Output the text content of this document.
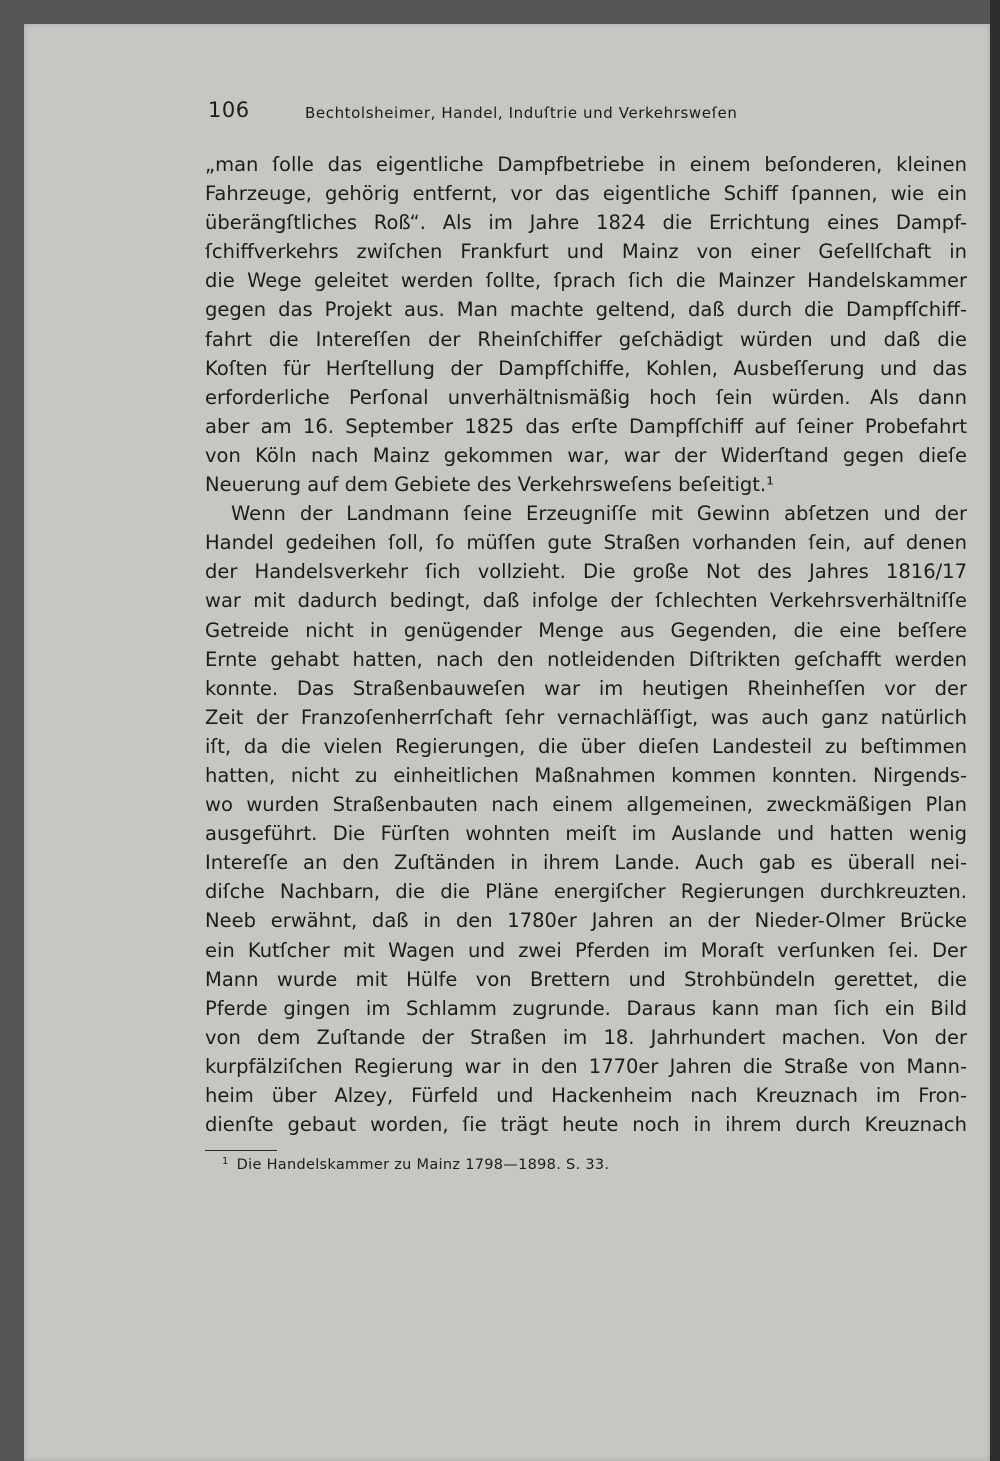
106	Bechtolsheimer, Handel, Induſtrie und Verkehrsweſen
„man ſolle das eigentliche Dampfbetriebe in einem beſonderen, kleinen
Fahrzeuge, gehörig entfernt, vor das eigentliche Schiff ſpannen, wie ein
überängſtliches Roß“. Als im Jahre 1824 die Errichtung eines Dampf-
ſchiffverkehrs zwiſchen Frankfurt und Mainz von einer Geſellſchaft in
die Wege geleitet werden ſollte, ſprach ſich die Mainzer Handelskammer
gegen das Projekt aus. Man machte geltend, daß durch die Dampfſchiff-
fahrt die Intereſſen der Rheinſchiffer geſchädigt würden und daß die
Koſten für Herſtellung der Dampfſchiffe, Kohlen, Ausbeſſerung und das
erforderliche Perſonal unverhältnismäßig hoch ſein würden. Als dann
aber am 16. September 1825 das erſte Dampfſchiff auf ſeiner Probefahrt
von Köln nach Mainz gekommen war, war der Widerſtand gegen dieſe
Neuerung auf dem Gebiete des Verkehrsweſens beſeitigt.¹
Wenn der Landmann ſeine Erzeugniſſe mit Gewinn abſetzen und der
Handel gedeihen ſoll, ſo müſſen gute Straßen vorhanden ſein, auf denen
der Handelsverkehr ſich vollzieht. Die große Not des Jahres 1816/17
war mit dadurch bedingt, daß infolge der ſchlechten Verkehrsverhältniſſe
Getreide nicht in genügender Menge aus Gegenden, die eine beſſere
Ernte gehabt hatten, nach den notleidenden Diſtrikten geſchafft werden
konnte. Das Straßenbauweſen war im heutigen Rheinheſſen vor der
Zeit der Franzoſenherrſchaft ſehr vernachläſſigt, was auch ganz natürlich
iſt, da die vielen Regierungen, die über dieſen Landesteil zu beſtimmen
hatten, nicht zu einheitlichen Maßnahmen kommen konnten. Nirgends-
wo wurden Straßenbauten nach einem allgemeinen, zweckmäßigen Plan
ausgeführt. Die Fürſten wohnten meiſt im Auslande und hatten wenig
Intereſſe an den Zuſtänden in ihrem Lande. Auch gab es überall nei-
diſche Nachbarn, die die Pläne energiſcher Regierungen durchkreuzten.
Neeb erwähnt, daß in den 1780er Jahren an der Nieder-Olmer Brücke
ein Kutſcher mit Wagen und zwei Pferden im Moraſt verſunken ſei. Der
Mann wurde mit Hülfe von Brettern und Strohbündeln gerettet, die
Pferde gingen im Schlamm zugrunde. Daraus kann man ſich ein Bild
von dem Zuſtande der Straßen im 18. Jahrhundert machen. Von der
kurpfälziſchen Regierung war in den 1770er Jahren die Straße von Mann-
heim über Alzey, Fürfeld und Hackenheim nach Kreuznach im Fron-
dienſte gebaut worden, ſie trägt heute noch in ihrem durch Kreuznach
$^1$ Die Handelskammer zu Mainz 1798—1898. S. 33.
